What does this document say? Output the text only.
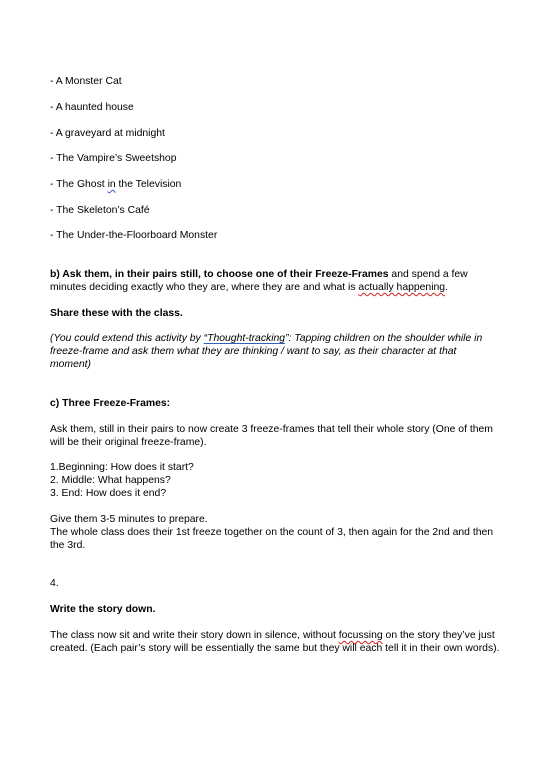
- A Monster Cat
- A haunted house
- A graveyard at midnight
- The Vampire’s Sweetshop
- The Ghost in the Television
- The Skeleton’s Café
- The Under-the-Floorboard Monster

b) Ask them, in their pairs still, to choose one of their Freeze-Frames and spend a few minutes deciding exactly who they are, where they are and what is actually happening.

Share these with the class.

(You could extend this activity by “Thought-tracking”: Tapping children on the shoulder while in freeze-frame and ask them what they are thinking / want to say, as their character at that moment)

c) Three Freeze-Frames:
Ask them, still in their pairs to now create 3 freeze-frames that tell their whole story (One of them will be their original freeze-frame).
1.Beginning: How does it start?
2. Middle: What happens?
3. End: How does it end?
Give them 3-5 minutes to prepare.
The whole class does their 1st freeze together on the count of 3, then again for the 2nd and then the 3rd.
4.
Write the story down.

The class now sit and write their story down in silence, without focussing on the story they’ve just created. (Each pair’s story will be essentially the same but they will each tell it in their own words).
